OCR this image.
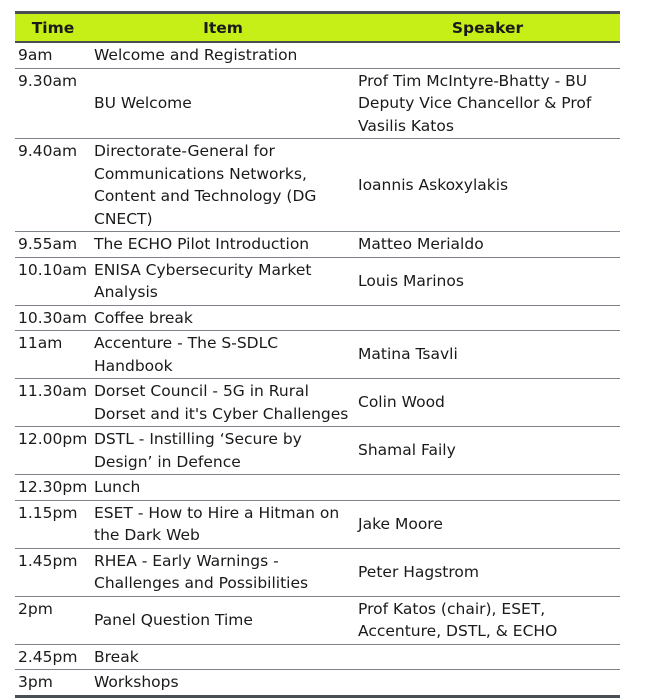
Time	Item	Speaker
9am	Welcome and Registration	
9.30am	BU Welcome	Prof Tim McIntyre-Bhatty - BU Deputy Vice Chancellor & Prof Vasilis Katos
9.40am	Directorate-General for Communications Networks, Content and Technology (DG CNECT)	Ioannis Askoxylakis
9.55am	The ECHO Pilot Introduction	Matteo Merialdo
10.10am	ENISA Cybersecurity Market Analysis	Louis Marinos
10.30am	Coffee break	
11am	Accenture - The S-SDLC Handbook	Matina Tsavli
11.30am	Dorset Council - 5G in Rural Dorset and it's Cyber Challenges	Colin Wood
12.00pm	DSTL - Instilling ‘Secure by Design’ in Defence	Shamal Faily
12.30pm	Lunch	
1.15pm	ESET - How to Hire a Hitman on the Dark Web	Jake Moore
1.45pm	RHEA - Early Warnings - Challenges and Possibilities	Peter Hagstrom
2pm	Panel Question Time	Prof Katos (chair), ESET, Accenture, DSTL, & ECHO
2.45pm	Break	
3pm	Workshops	
